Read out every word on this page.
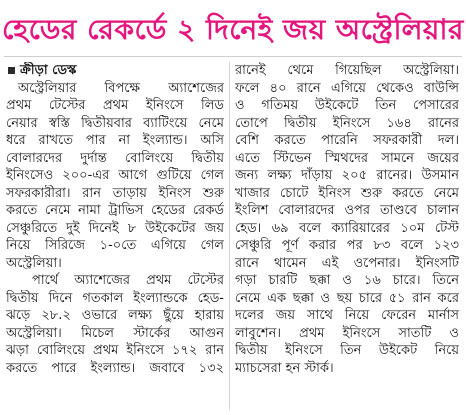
হেডের রেকর্ডে ২ দিনেই জয় অস্ট্রেলিয়ার
ক্রীড়া ডেস্ক
অস্ট্রেলিয়ার বিপক্ষে অ্যাশেজের
প্রথম টেস্টের প্রথম ইনিংসে লিড
নেয়ার স্বস্তি দ্বিতীয়বার ব্যাটিংয়ে নেমে
ধরে রাখতে পার না ইংল্যান্ড। অসি
বোলারদের দুর্দান্ত বোলিংয়ে দ্বিতীয়
ইনিংসেও ২০০-এর আগে গুটিয়ে গেল
সফরকারীরা। রান তাড়ায় ইনিংস শুরু
করতে নেমে নামা ট্রাভিস হেডের রেকর্ড
সেঞ্চুরিতে দুই দিনেই ৮ উইকেটের জয়
নিয়ে সিরিজে ১-০তে এগিয়ে গেল
অস্ট্রেলিয়া।
পার্থে অ্যাশেজের প্রথম টেস্টের
দ্বিতীয় দিনে গতকাল ইংল্যান্ডকে হেড-
ঝড়ে ২৮.২ ওভারে লক্ষ্য ছুঁয়ে হারায়
অস্ট্রেলিয়া। মিচেল স্টার্কের আগুন
ঝড়া বোলিংয়ে প্রথম ইনিংসে ১৭২ রান
করতে পারে ইংল্যান্ড। জবাবে ১৩২
রানেই থেমে গিয়েছিল অস্ট্রেলিয়া।
ফলে ৪০ রানে এগিয়ে থেকেও বাউন্সি
ও গতিময় উইকেটে তিন পেসারের
তোপে দ্বিতীয় ইনিংসে ১৬৪ রানের
বেশি করতে পারেনি সফরকারী দল।
এতে স্টিভেন স্মিথদের সামনে জয়ের
জন্য লক্ষ্য দাঁড়ায় ২০৫ রানের। উসমান
খাজার চোটে ইনিংস শুরু করতে নেমে
ইংলিশ বোলারদের ওপর তাণ্ডবে চালান
হেড। ৬৯ বলে ক্যারিয়ারের ১০ম টেস্ট
সেঞ্চুরি পূর্ণ করার পর ৮৩ বলে ১২৩
রানে থামেন এই ওপেনার। ইনিংসটি
গড়া চারটি ছক্কা ও ১৬ চারে। তিনে
নেমে এক ছক্কা ও ছয় চারে ৫১ রান করে
দলের জয় সাথে নিয়ে ফেরেন মার্নাস
লাবুশেন। প্রথম ইনিংসে সাতটি ও
দ্বিতীয় ইনিংসে তিন উইকেট নিয়ে
ম্যাচসেরা হন স্টার্ক।
